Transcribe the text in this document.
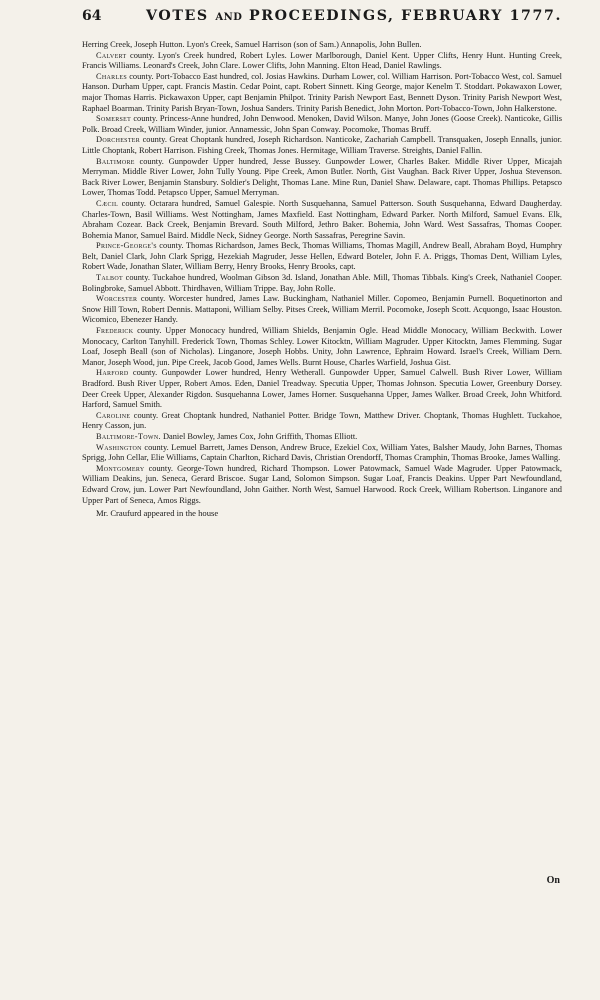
64	VOTES AND PROCEEDINGS, FEBRUARY 1777.

Herring Creek, Joseph Hutton. Lyon's Creek, Samuel Harrison (son of Sam.) Annapolis, John Bullen.

Calvert county. Lyon's Creek hundred, Robert Lyles. Lower Marlborough, Daniel Kent. Upper Clifts, Henry Hunt. Hunting Creek, Francis Williams. Leonard's Creek, John Clare. Lower Clifts, John Manning. Elton Head, Daniel Rawlings.

Charles county. Port-Tobacco East hundred, col. Josias Hawkins. Durham Lower, col. William Harrison. Port-Tobacco West, col. Samuel Hanson. Durham Upper, capt. Francis Mastin. Cedar Point, capt. Robert Sinnett. King George, major Kenelm T. Stoddart. Pokawaxon Lower, major Thomas Harris. Pickawaxon Upper, capt Benjamin Philpot. Trinity Parish Newport East, Bennett Dyson. Trinity Parish Newport West, Raphael Boarman. Trinity Parish Bryan-Town, Joshua Sanders. Trinity Parish Benedict, John Morton. Port-Tobacco-Town, John Halkerstone.

Somerset county. Princess-Anne hundred, John Denwood. Menoken, David Wilson. Manye, John Jones (Goose Creek). Nanticoke, Gillis Polk. Broad Creek, William Winder, junior. Annamessic, John Span Conway. Pocomoke, Thomas Bruff.

Dorchester county. Great Choptank hundred, Joseph Richardson. Nanticoke, Zachariah Campbell. Transquaken, Joseph Ennalls, junior. Little Choptank, Robert Harrison. Fishing Creek, Thomas Jones. Hermitage, William Traverse. Streights, Daniel Fallin.

Baltimore county. Gunpowder Upper hundred, Jesse Bussey. Gunpowder Lower, Charles Baker. Middle River Upper, Micajah Merryman. Middle River Lower, John Tully Young. Pipe Creek, Amon Butler. North, Gist Vaughan. Back River Upper, Joshua Stevenson. Back River Lower, Benjamin Stansbury. Soldier's Delight, Thomas Lane. Mine Run, Daniel Shaw. Delaware, capt. Thomas Phillips. Petapsco Lower, Thomas Todd. Petapsco Upper, Samuel Merryman.

Cæcil county. Octarara hundred, Samuel Galespie. North Susquehanna, Samuel Patterson. South Susquehanna, Edward Daugherday. Charles-Town, Basil Williams. West Nottingham, James Maxfield. East Nottingham, Edward Parker. North Milford, Samuel Evans. Elk, Abraham Cozear. Back Creek, Benjamin Brevard. South Milford, Jethro Baker. Bohemia, John Ward. West Sassafras, Thomas Cooper. Bohemia Manor, Samuel Baird. Middle Neck, Sidney George. North Sassafras, Peregrine Savin.

Prince-George's county. Thomas Richardson, James Beck, Thomas Williams, Thomas Magill, Andrew Beall, Abraham Boyd, Humphry Belt, Daniel Clark, John Clark Sprigg, Hezekiah Magruder, Jesse Hellen, Edward Boteler, John F. A. Priggs, Thomas Dent, William Lyles, Robert Wade, Jonathan Slater, William Berry, Henry Brooks, Henry Brooks, capt.

Talbot county. Tuckahoe hundred, Woolman Gibson 3d. Island, Jonathan Able. Mill, Thomas Tibbals. King's Creek, Nathaniel Cooper. Bolingbroke, Samuel Abbott. Thirdhaven, William Trippe. Bay, John Rolle.

Worcester county. Worcester hundred, James Law. Buckingham, Nathaniel Miller. Copomeo, Benjamin Purnell. Boquetinorton and Snow Hill Town, Robert Dennis. Mattaponi, William Selby. Pitses Creek, William Merril. Pocomoke, Joseph Scott. Acquongo, Isaac Houston. Wicomico, Ebenezer Handy.

Frederick county. Upper Monocacy hundred, William Shields, Benjamin Ogle. Head Middle Monocacy, William Beckwith. Lower Monocacy, Carlton Tanyhill. Frederick Town, Thomas Schley. Lower Kitocktn, William Magruder. Upper Kitocktn, James Flemming. Sugar Loaf, Joseph Beall (son of Nicholas). Linganore, Joseph Hobbs. Unity, John Lawrence, Ephraim Howard. Israel's Creek, William Dern. Manor, Joseph Wood, jun. Pipe Creek, Jacob Good, James Wells. Burnt House, Charles Warfield, Joshua Gist.

Harford county. Gunpowder Lower hundred, Henry Wetherall. Gunpowder Upper, Samuel Calwell. Bush River Lower, William Bradford. Bush River Upper, Robert Amos. Eden, Daniel Treadway. Specutia Upper, Thomas Johnson. Specutia Lower, Greenbury Dorsey. Deer Creek Upper, Alexander Rigdon. Susquehanna Lower, James Horner. Susquehanna Upper, James Walker. Broad Creek, John Whitford. Harford, Samuel Smith.

Caroline county. Great Choptank hundred, Nathaniel Potter. Bridge Town, Matthew Driver. Choptank, Thomas Hughlett. Tuckahoe, Henry Casson, jun.

Baltimore-Town. Daniel Bowley, James Cox, John Griffith, Thomas Elliott.

Washington county. Lemuel Barrett, James Denson, Andrew Bruce, Ezekiel Cox, William Yates, Balsher Maudy, John Barnes, Thomas Sprigg, John Cellar, Elie Williams, Captain Charlton, Richard Davis, Christian Orendorff, Thomas Cramphin, Thomas Brooke, James Walling.

Montgomery county. George-Town hundred, Richard Thompson. Lower Patowmack, Samuel Wade Magruder. Upper Patowmack, William Deakins, jun. Seneca, Gerard Briscoe. Sugar Land, Solomon Simpson. Sugar Loaf, Francis Deakins. Upper Part Newfoundland, Edward Crow, jun. Lower Part Newfoundland, John Gaither. North West, Samuel Harwood. Rock Creek, William Robertson. Linganore and Upper Part of Seneca, Amos Riggs.

Mr. Craufurd appeared in the house

On
